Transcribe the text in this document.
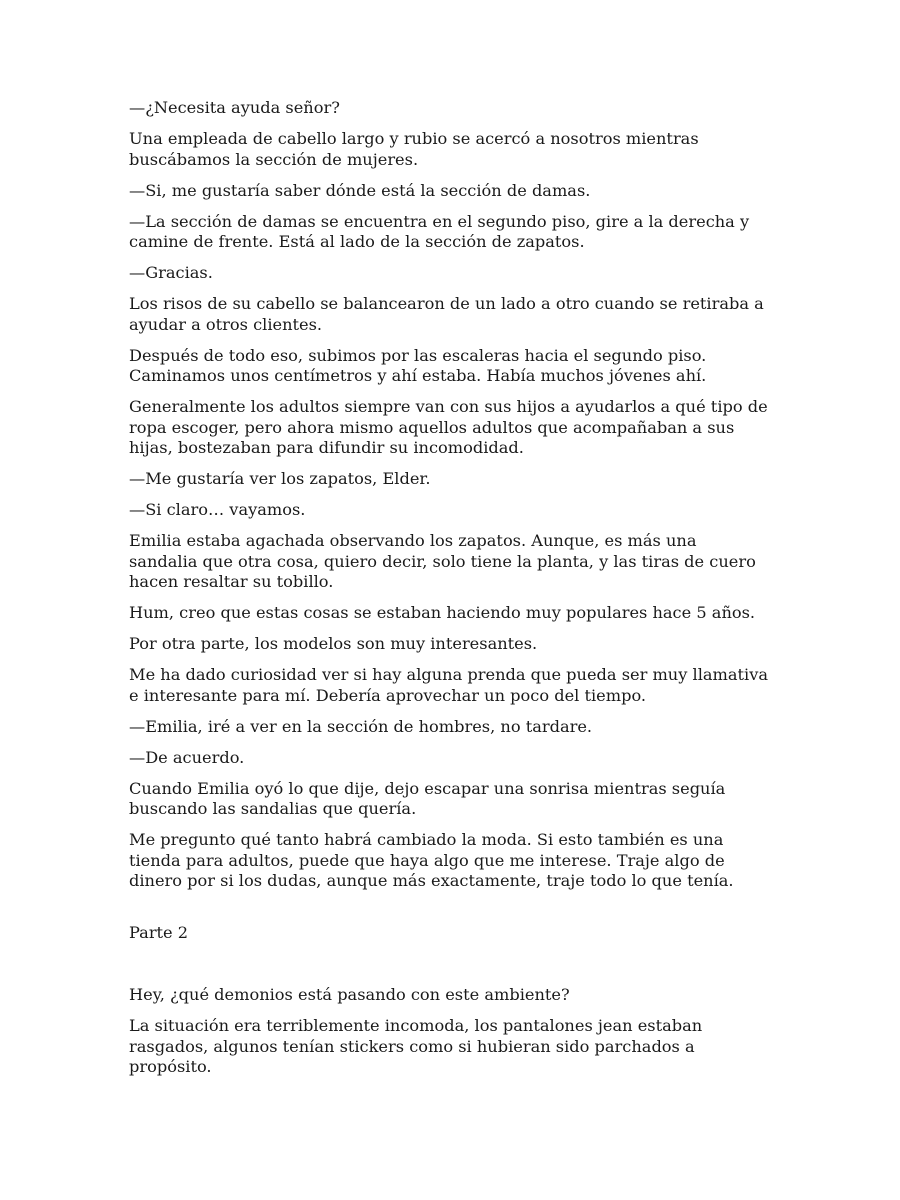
—¿Necesita ayuda señor?

Una empleada de cabello largo y rubio se acercó a nosotros mientras buscábamos la sección de mujeres.

—Si, me gustaría saber dónde está la sección de damas.

—La sección de damas se encuentra en el segundo piso, gire a la derecha y camine de frente. Está al lado de la sección de zapatos.

—Gracias.

Los risos de su cabello se balancearon de un lado a otro cuando se retiraba a ayudar a otros clientes.

Después de todo eso, subimos por las escaleras hacia el segundo piso. Caminamos unos centímetros y ahí estaba. Había muchos jóvenes ahí.

Generalmente los adultos siempre van con sus hijos a ayudarlos a qué tipo de ropa escoger, pero ahora mismo aquellos adultos que acompañaban a sus hijas, bostezaban para difundir su incomodidad.

—Me gustaría ver los zapatos, Elder.

—Si claro… vayamos.

Emilia estaba agachada observando los zapatos. Aunque, es más una sandalia que otra cosa, quiero decir, solo tiene la planta, y las tiras de cuero hacen resaltar su tobillo.

Hum, creo que estas cosas se estaban haciendo muy populares hace 5 años.

Por otra parte, los modelos son muy interesantes.

Me ha dado curiosidad ver si hay alguna prenda que pueda ser muy llamativa e interesante para mí. Debería aprovechar un poco del tiempo.

—Emilia, iré a ver en la sección de hombres, no tardare.

—De acuerdo.

Cuando Emilia oyó lo que dije, dejo escapar una sonrisa mientras seguía buscando las sandalias que quería.

Me pregunto qué tanto habrá cambiado la moda. Si esto también es una tienda para adultos, puede que haya algo que me interese. Traje algo de dinero por si los dudas, aunque más exactamente, traje todo lo que tenía.

Parte 2

Hey, ¿qué demonios está pasando con este ambiente?

La situación era terriblemente incomoda, los pantalones jean estaban rasgados, algunos tenían stickers como si hubieran sido parchados a propósito.
